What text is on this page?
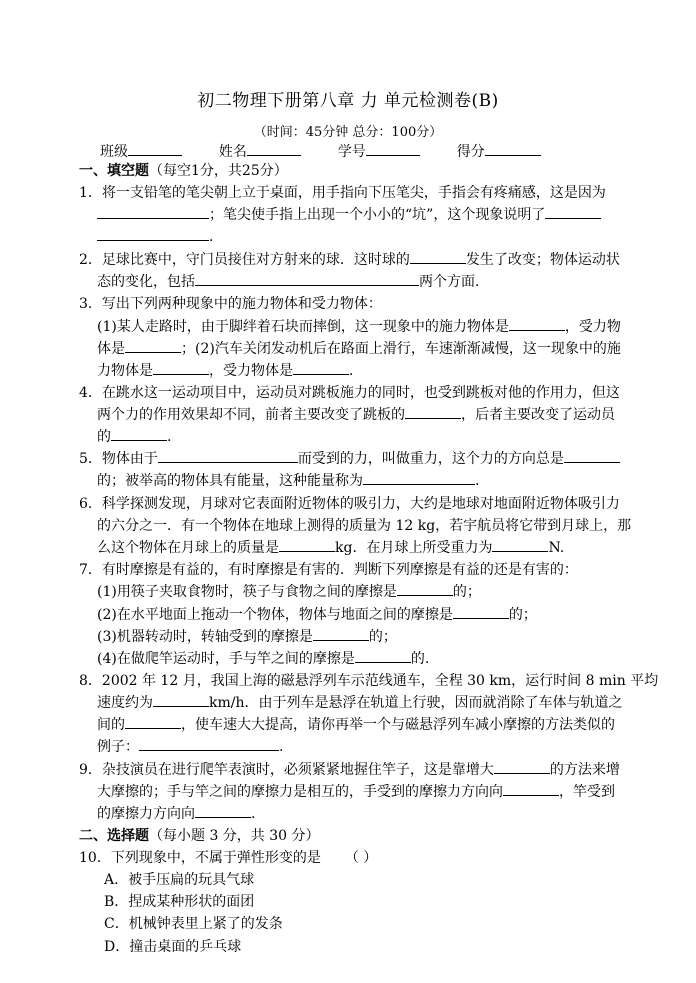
初二物理下册第八章 力 单元检测卷(B)
（时间：45分钟 总分：100分）
班级	姓名	学号	得分
一、填空题（每空1分，共25分）
1．将一支铅笔的笔尖朝上立于桌面，用手指向下压笔尖，手指会有疼痛感，这是因为
；笔尖使手指上出现一个小小的“坑”，这个现象说明了
.
2．足球比赛中，守门员接住对方射来的球．这时球的	发生了改变；物体运动状
态的变化，包括	两个方面．
3．写出下列两种现象中的施力物体和受力物体：
(1)某人走路时，由于脚绊着石块而摔倒，这一现象中的施力物体是	，受力物
体是	；(2)汽车关闭发动机后在路面上滑行，车速渐渐减慢，这一现象中的施
力物体是	，受力物体是	.
4．在跳水这一运动项目中，运动员对跳板施力的同时，也受到跳板对他的作用力，但这
两个力的作用效果却不同，前者主要改变了跳板的	，后者主要改变了运动员
的	.
5．物体由于	而受到的力，叫做重力，这个力的方向总是
的；被举高的物体具有能量，这种能量称为	.
6．科学探测发现，月球对它表面附近物体的吸引力，大约是地球对地面附近物体吸引力
的六分之一．有一个物体在地球上测得的质量为 12 kg，若宇航员将它带到月球上，那
么这个物体在月球上的质量是	kg．在月球上所受重力为	N.
7．有时摩擦是有益的，有时摩擦是有害的．判断下列摩擦是有益的还是有害的：
(1)用筷子夹取食物时，筷子与食物之间的摩擦是	的；
(2)在水平地面上拖动一个物体，物体与地面之间的摩擦是	的；
(3)机器转动时，转轴受到的摩擦是	的；
(4)在做爬竿运动时，手与竿之间的摩擦是	的.
8．2002 年 12 月，我国上海的磁悬浮列车示范线通车，全程 30 km，运行时间 8 min 平均
速度约为	km/h．由于列车是悬浮在轨道上行驶，因而就消除了车体与轨道之
间的	，使车速大大提高，请你再举一个与磁悬浮列车减小摩擦的方法类似的
例子：	.
9．杂技演员在进行爬竿表演时，必须紧紧地握住竿子，这是靠增大	的方法来增
大摩擦的；手与竿之间的摩擦力是相互的，手受到的摩擦力方向向	，竿受到
的摩擦力方向向	.
二、选择题（每小题 3 分，共 30 分）
10．下列现象中，不属于弹性形变的是 （ ）
A．被手压扁的玩具气球
B．捏成某种形状的面团
C．机械钟表里上紧了的发条
D．撞击桌面的乒乓球
